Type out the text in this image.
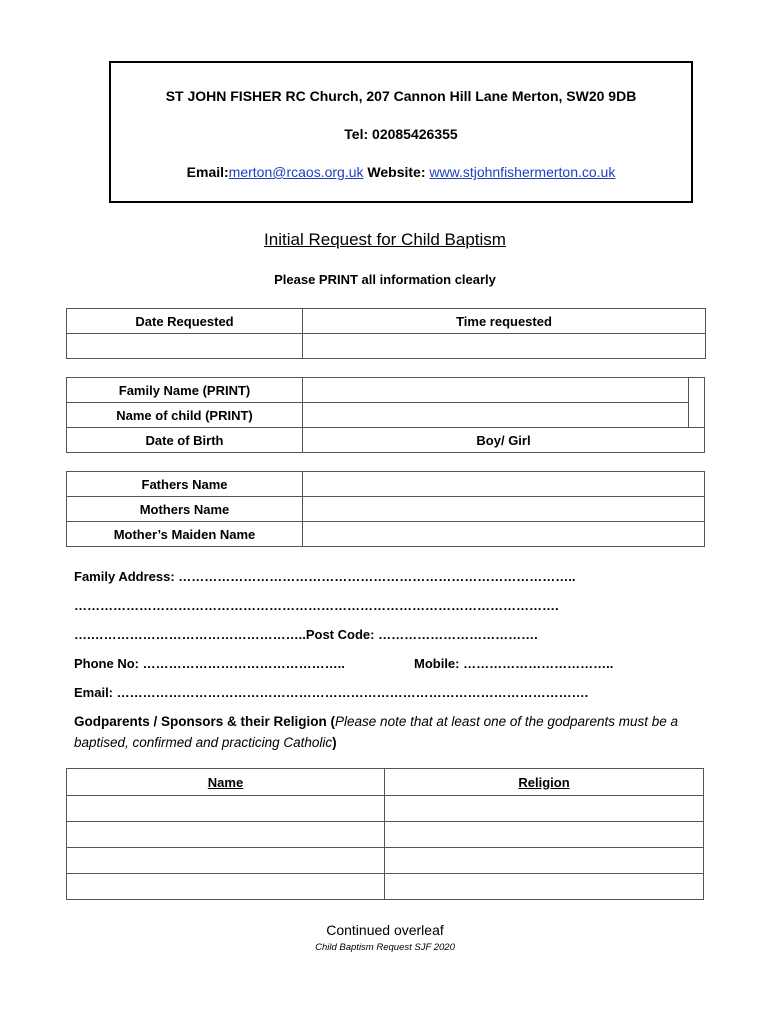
ST JOHN FISHER RC Church, 207 Cannon Hill Lane Merton, SW20 9DB
Tel: 02085426355
Email:merton@rcaos.org.uk Website: www.stjohnfishermerton.co.uk
Initial Request for Child Baptism
Please PRINT all information clearly
Date Requested	Time requested

Family Name (PRINT)		
Name of child (PRINT)		
Date of Birth	Boy/ Girl	
Fathers Name	
Mothers Name	
Mother’s Maiden Name	
Family Address: ………………………………………………………………………………..
………………………………………………………………………………………………….
….…………………………………………..Post Code: ……………………………….
Phone No: ………………………………………..	Mobile: ……………………………..
Email: ……………………………………………………………………………………………….
Godparents / Sponsors & their Religion (Please note that at least one of the godparents must be a baptised, confirmed and practicing Catholic)
Name	Religion

Continued overleaf
Child Baptism Request SJF 2020
